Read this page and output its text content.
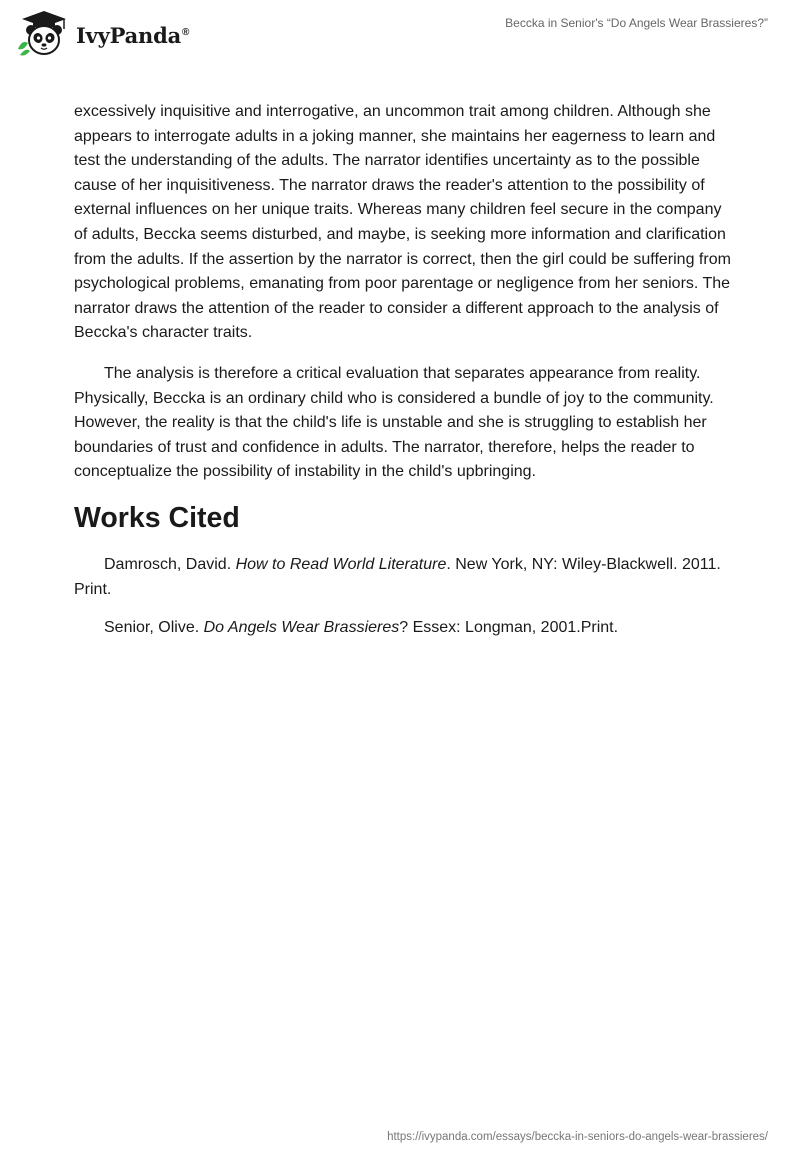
IvyPanda®
Beccka in Senior's “Do Angels Wear Brassieres?”

excessively inquisitive and interrogative, an uncommon trait among children. Although she appears to interrogate adults in a joking manner, she maintains her eagerness to learn and test the understanding of the adults. The narrator identifies uncertainty as to the possible cause of her inquisitiveness. The narrator draws the reader's attention to the possibility of external influences on her unique traits. Whereas many children feel secure in the company of adults, Beccka seems disturbed, and maybe, is seeking more information and clarification from the adults. If the assertion by the narrator is correct, then the girl could be suffering from psychological problems, emanating from poor parentage or negligence from her seniors. The narrator draws the attention of the reader to consider a different approach to the analysis of Beccka's character traits.

The analysis is therefore a critical evaluation that separates appearance from reality. Physically, Beccka is an ordinary child who is considered a bundle of joy to the community. However, the reality is that the child's life is unstable and she is struggling to establish her boundaries of trust and confidence in adults. The narrator, therefore, helps the reader to conceptualize the possibility of instability in the child's upbringing.

Works Cited

Damrosch, David. How to Read World Literature. New York, NY: Wiley-Blackwell. 2011. Print.

Senior, Olive. Do Angels Wear Brassieres? Essex: Longman, 2001.Print.

https://ivypanda.com/essays/beccka-in-seniors-do-angels-wear-brassieres/
